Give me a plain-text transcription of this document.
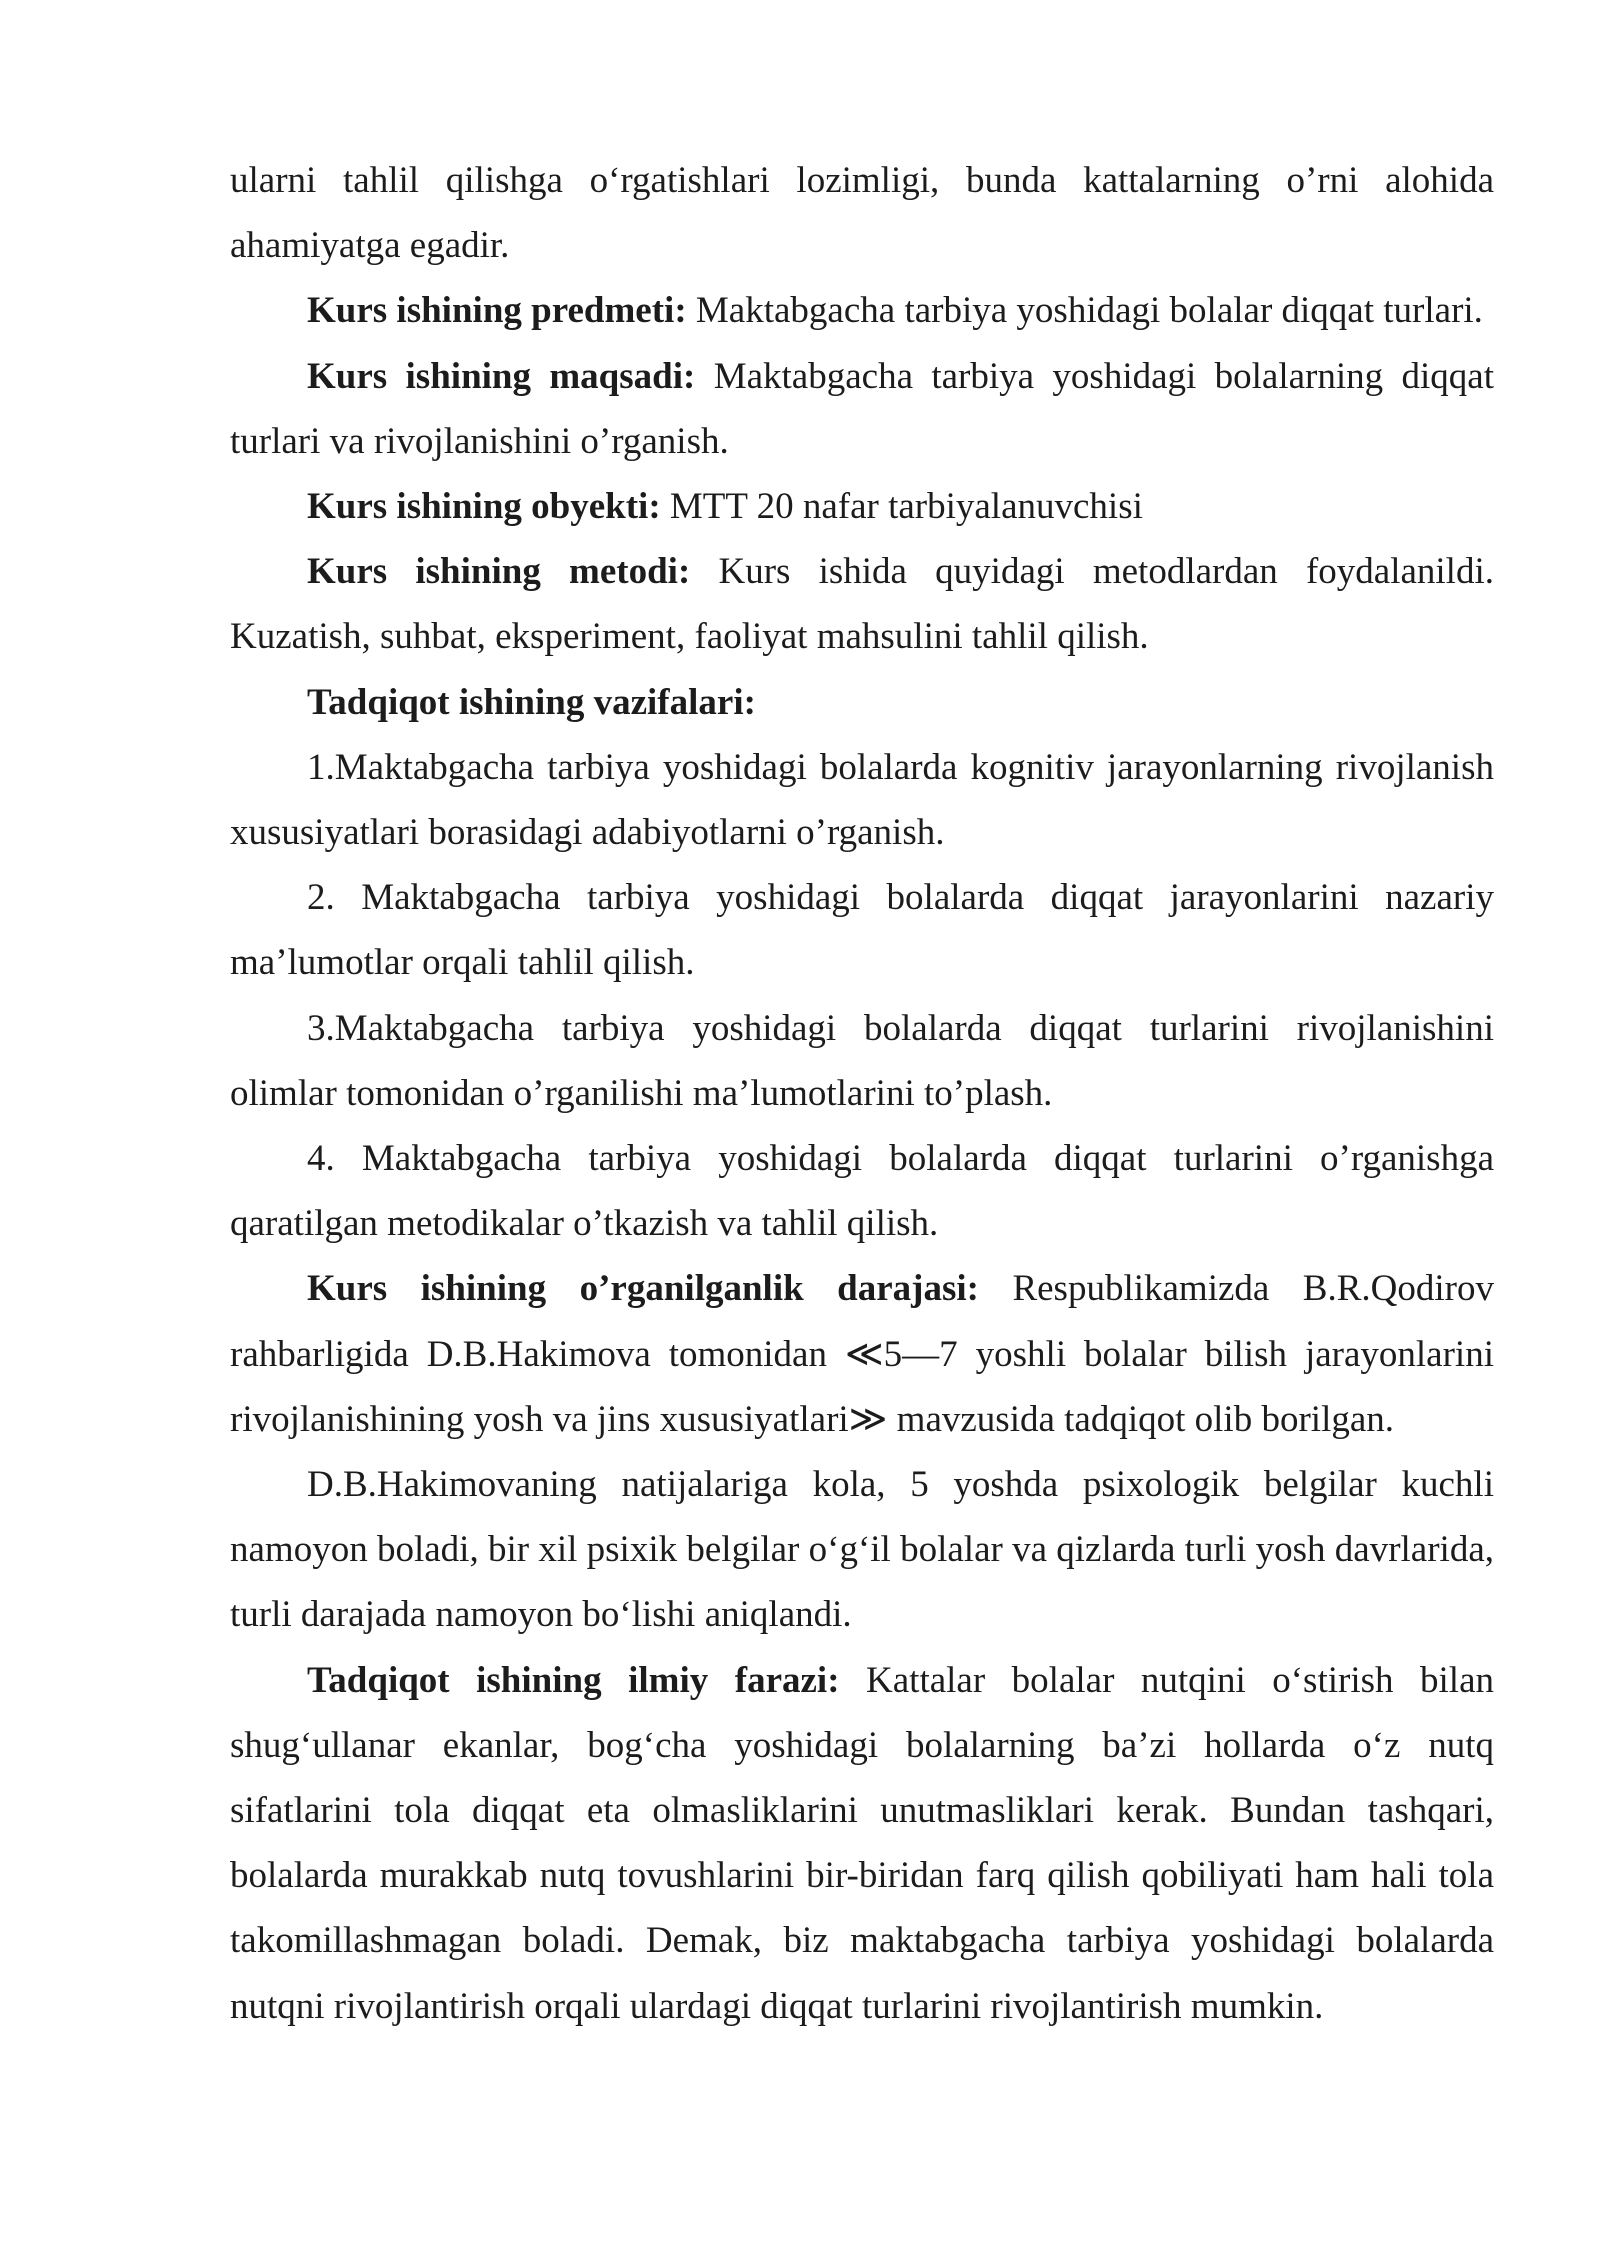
ularni tahlil qilishga o‘rgatishlari lozimligi, bunda kattalarning o’rni alohida ahamiyatga egadir.

Kurs ishining predmeti: Maktabgacha tarbiya yoshidagi bolalar diqqat turlari.

Kurs ishining maqsadi: Maktabgacha tarbiya yoshidagi bolalarning diqqat turlari va rivojlanishini o’rganish.

Kurs ishining obyekti: MTT 20 nafar tarbiyalanuvchisi

Kurs ishining metodi: Kurs ishida quyidagi metodlardan foydalanildi. Kuzatish, suhbat, eksperiment, faoliyat mahsulini tahlil qilish.

Tadqiqot ishining vazifalari:

1.Maktabgacha tarbiya yoshidagi bolalarda kognitiv jarayonlarning rivojlanish xususiyatlari borasidagi adabiyotlarni o’rganish.

2. Maktabgacha tarbiya yoshidagi bolalarda diqqat jarayonlarini nazariy ma’lumotlar orqali tahlil qilish.

3.Maktabgacha tarbiya yoshidagi bolalarda diqqat turlarini rivojlanishini olimlar tomonidan o’rganilishi ma’lumotlarini to’plash.

4. Maktabgacha tarbiya yoshidagi bolalarda diqqat turlarini o’rganishga qaratilgan metodikalar o’tkazish va tahlil qilish.

Kurs ishining o’rganilganlik darajasi: Respublikamizda B.R.Qodirov rahbarligida D.B.Hakimova tomonidan ≪5—7 yoshli bolalar bilish jarayonlarini rivojlanishining yosh va jins xususiyatlari≫ mavzusida tadqiqot olib borilgan.

D.B.Hakimovaning natijalariga kola, 5 yoshda psixologik belgilar kuchli namoyon boladi, bir xil psixik belgilar o‘g‘il bolalar va qizlarda turli yosh davrlarida, turli darajada namoyon bo‘lishi aniqlandi.

Tadqiqot ishining ilmiy farazi: Kattalar bolalar nutqini o‘stirish bilan shug‘ullanar ekanlar, bog‘cha yoshidagi bolalarning ba’zi hollarda o‘z nutq sifatlarini tola diqqat eta olmasliklarini unutmasliklari kerak. Bundan tashqari, bolalarda murakkab nutq tovushlarini bir-biridan farq qilish qobiliyati ham hali tola takomillashmagan boladi. Demak, biz maktabgacha tarbiya yoshidagi bolalarda nutqni rivojlantirish orqali ulardagi diqqat turlarini rivojlantirish mumkin.
